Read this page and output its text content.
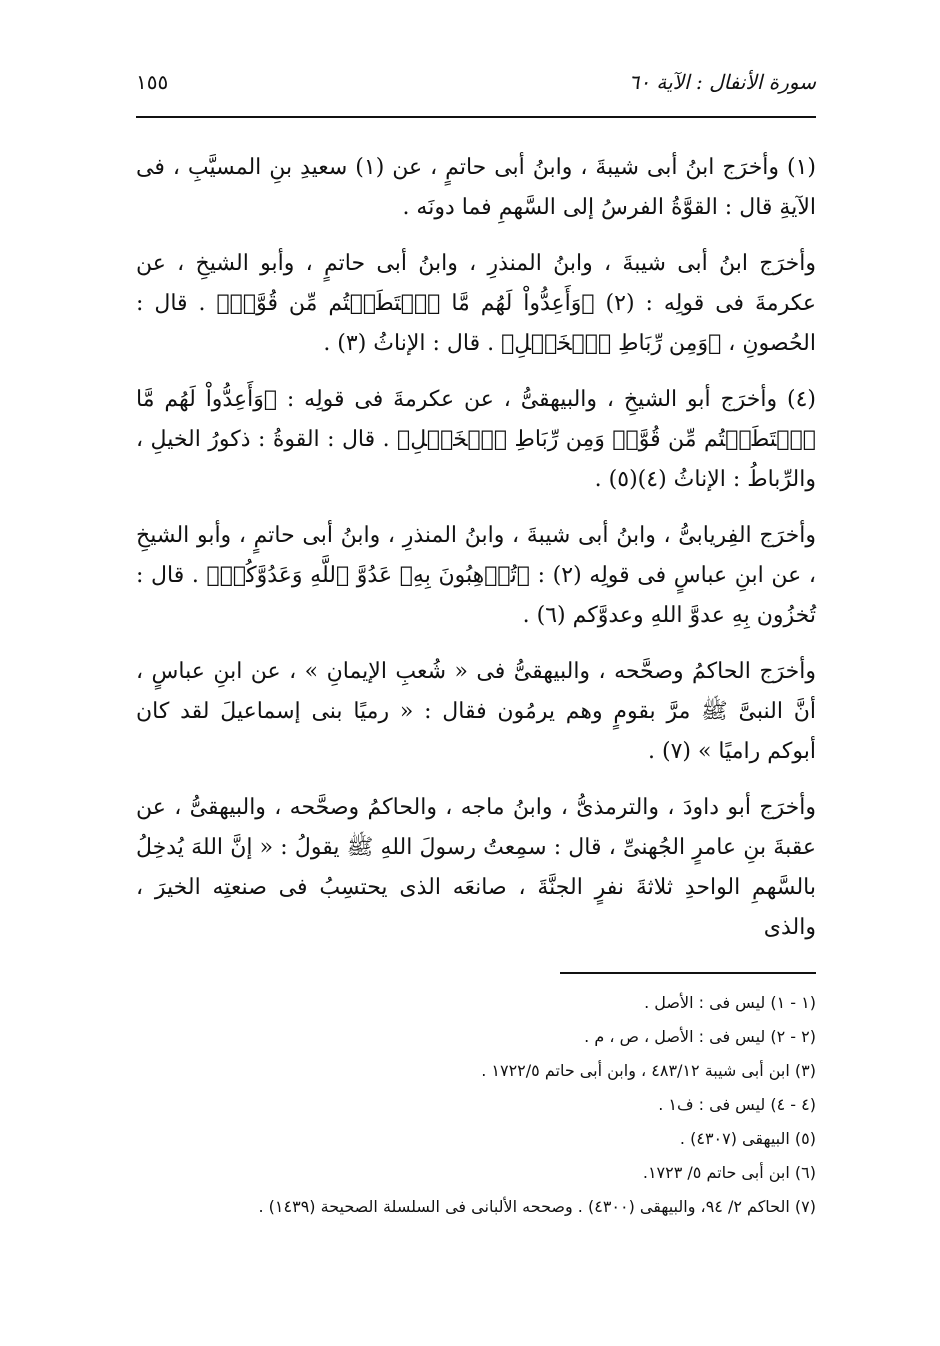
سورة الأنفال : الآية ٦٠
١٥٥

(١) وأخرَج ابنُ أبى شيبةَ ، وابنُ أبى حاتمٍ ، عن (١) سعيدِ بنِ المسيَّبِ ، فى الآيةِ قال : القوَّةُ الفرسُ إلى السَّهمِ فما دونَه .

وأخرَج ابنُ أبى شيبةَ ، وابنُ المنذرِ ، وابنُ أبى حاتمٍ ، وأبو الشيخِ ، عن عكرمةَ فى قولِه : (٢) ﴿وَأَعِدُّواْ لَهُم مَّا ٱسۡتَطَعۡتُم مِّن قُوَّةٖ﴾ . قال : الحُصونِ ، ﴿وَمِن رِّبَاطِ ٱلۡخَيۡلِ﴾ . قال : الإناثُ (٣) .

(٤) وأخرَج أبو الشيخِ ، والبيهقىُّ ، عن عكرمةَ فى قولِه : ﴿وَأَعِدُّواْ لَهُم مَّا ٱسۡتَطَعۡتُم مِّن قُوَّةٖ وَمِن رِّبَاطِ ٱلۡخَيۡلِ﴾ . قال : القوةُ : ذكورُ الخيلِ ، والرِّباطُ : الإناثُ (٤)(٥) .

وأخرَج الفِريابىُّ ، وابنُ أبى شيبةَ ، وابنُ المنذرِ ، وابنُ أبى حاتمٍ ، وأبو الشيخِ ، عن ابنِ عباسٍ فى قولِه (٢) : ﴿تُرۡهِبُونَ بِهِۦ عَدُوَّ ٱللَّهِ وَعَدُوَّكُمۡ﴾ . قال : تُخزُون بِهِ عدوَّ اللهِ وعدوَّكم (٦) .

وأخرَج الحاكمُ وصحَّحه ، والبيهقىُّ فى « شُعبِ الإيمانِ » ، عن ابنِ عباسٍ ، أنَّ النبىَّ ﷺ مرَّ بقومٍ وهم يرمُون فقال : « رميًا بنى إسماعيلَ لقد كان أبوكم راميًا » (٧) .

وأخرَج أبو داودَ ، والترمذىُّ ، وابنُ ماجه ، والحاكمُ وصحَّحه ، والبيهقىُّ ، عن عقبةَ بنِ عامرٍ الجُهنىِّ ، قال : سمِعتُ رسولَ اللهِ ﷺ يقولُ : « إنَّ اللهَ يُدخِلُ بالسَّهمِ الواحدِ ثلاثةَ نفرٍ الجنَّةَ ، صانعَه الذى يحتسِبُ فى صنعتِه الخيرَ ، والذى

(١ - ١) ليس فى : الأصل .
(٢ - ٢) ليس فى : الأصل ، ص ، م .
(٣) ابن أبى شيبة ٤٨٣/١٢ ، وابن أبى حاتم ١٧٢٢/٥ .
(٤ - ٤) ليس فى : ف١ .
(٥) البيهقى (٤٣٠٧) .
(٦) ابن أبى حاتم ٥/ ١٧٢٣.
(٧) الحاكم ٢/ ٩٤، والبيهقى (٤٣٠٠) . وصححه الألبانى فى السلسلة الصحيحة (١٤٣٩) .
